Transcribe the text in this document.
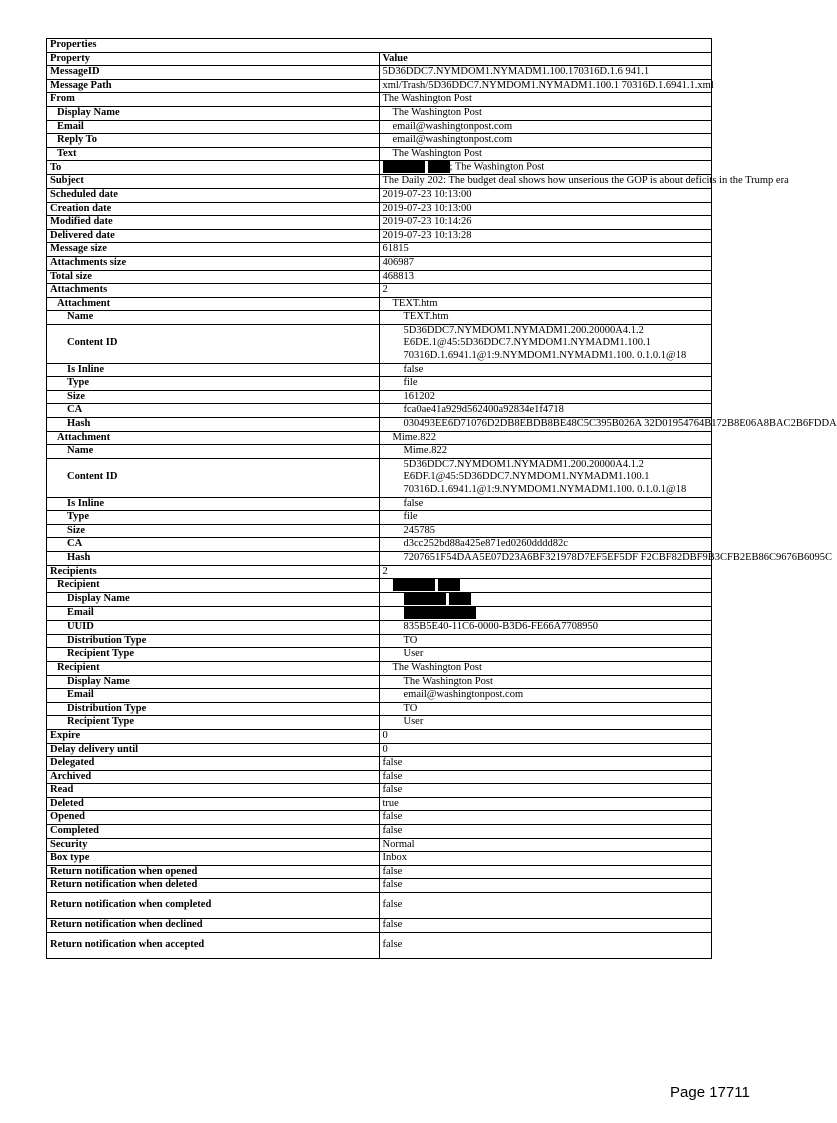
Properties	
Property	Value
MessageID	5D36DDC7.NYMDOM1.NYMADM1.100.170316D.1.6 941.1
Message Path	xml/Trash/5D36DDC7.NYMDOM1.NYMADM1.100.1 70316D.1.6941.1.xml
From	The Washington Post
Display Name	The Washington Post
Email	email@washingtonpost.com
Reply To	email@washingtonpost.com
Text	The Washington Post
To	; The Washington Post
Subject	The Daily 202: The budget deal shows how unserious the GOP is about deficits in the Trump era
Scheduled date	2019-07-23 10:13:00
Creation date	2019-07-23 10:13:00
Modified date	2019-07-23 10:14:26
Delivered date	2019-07-23 10:13:28
Message size	61815
Attachments size	406987
Total size	468813
Attachments	2
Attachment	TEXT.htm
Name	TEXT.htm
Content ID	5D36DDC7.NYMDOM1.NYMADM1.200.20000A4.1.2
E6DE.1@45:5D36DDC7.NYMDOM1.NYMADM1.100.1
70316D.1.6941.1@1:9.NYMDOM1.NYMADM1.100. 0.1.0.1@18

Is Inline	false
Type	file
Size	161202
CA	fca0ae41a929d562400a92834e1f4718
Hash	030493EE6D71076D2DB8EBDB8BE48C5C395B026A 32D01954764B172B8E06A8BAC2B6FDDA
Attachment	Mime.822
Name	Mime.822
Content ID	5D36DDC7.NYMDOM1.NYMADM1.200.20000A4.1.2
E6DF.1@45:5D36DDC7.NYMDOM1.NYMADM1.100.1
70316D.1.6941.1@1:9.NYMDOM1.NYMADM1.100. 0.1.0.1@18

Is Inline	false
Type	file
Size	245785
CA	d3cc252bd88a425e871ed0260dddd82c
Hash	7207651F54DAA5E07D23A6BF321978D7EF5EF5DF F2CBF82DBF9B3CFB2EB86C9676B6095C
Recipients	2
Recipient	
Display Name	
Email	
UUID	835B5E40-11C6-0000-B3D6-FE66A7708950
Distribution Type	TO
Recipient Type	User
Recipient	The Washington Post
Display Name	The Washington Post
Email	email@washingtonpost.com
Distribution Type	TO
Recipient Type	User
Expire	0
Delay delivery until	0
Delegated	false
Archived	false
Read	false
Deleted	true
Opened	false
Completed	false
Security	Normal
Box type	Inbox
Return notification when opened	false
Return notification when deleted	false
Return notification when completed	false
Return notification when declined	false
Return notification when accepted	false
Page 17711
